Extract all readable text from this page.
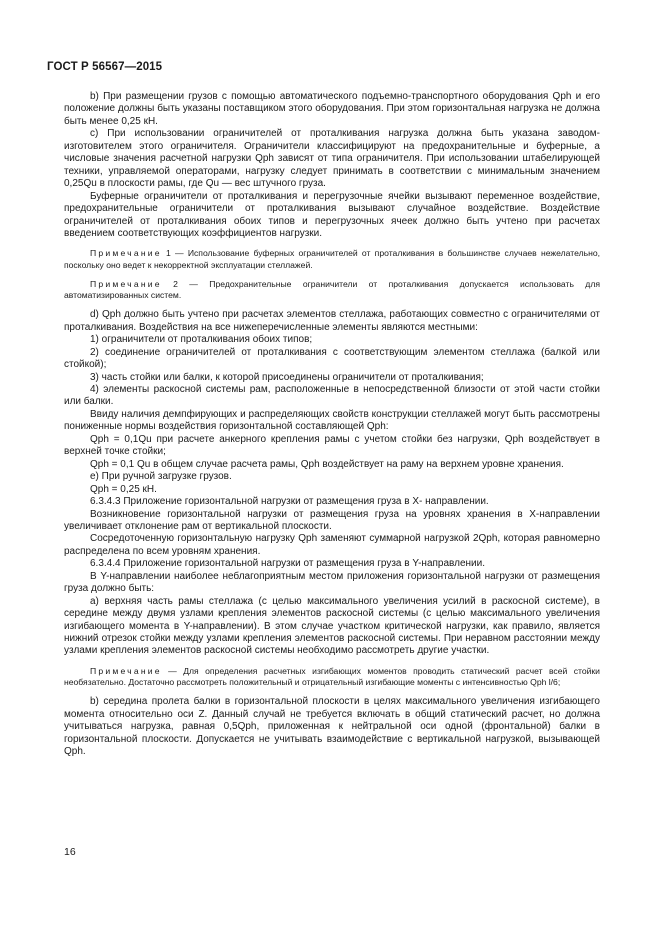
ГОСТ Р 56567—2015

b) При размещении грузов с помощью автоматического подъемно-транспортного оборудования Qph и его положение должны быть указаны поставщиком этого оборудования. При этом горизонтальная нагрузка не должна быть менее 0,25 кН.

c) При использовании ограничителей от проталкивания нагрузка должна быть указана заводом-изготовителем этого ограничителя. Ограничители классифицируют на предохранительные и буферные, а числовые значения расчетной нагрузки Qph зависят от типа ограничителя. При использовании штабелирующей техники, управляемой операторами, нагрузку следует принимать в соответствии с минимальным значением 0,25Qu в плоскости рамы, где Qu — вес штучного груза.

Буферные ограничители от проталкивания и перегрузочные ячейки вызывают переменное воздействие, предохранительные ограничители от проталкивания вызывают случайное воздействие. Воздействие ограничителей от проталкивания обоих типов и перегрузочных ячеек должно быть учтено при расчетах введением соответствующих коэффициентов нагрузки.

Примечание 1 — Использование буферных ограничителей от проталкивания в большинстве случаев нежелательно, поскольку оно ведет к некорректной эксплуатации стеллажей.

Примечание 2 — Предохранительные ограничители от проталкивания допускается использовать для автоматизированных систем.

d) Qph должно быть учтено при расчетах элементов стеллажа, работающих совместно с ограничителями от проталкивания. Воздействия на все нижеперечисленные элементы являются местными:

1) ограничители от проталкивания обоих типов;

2) соединение ограничителей от проталкивания с соответствующим элементом стеллажа (балкой или стойкой);

3) часть стойки или балки, к которой присоединены ограничители от проталкивания;

4) элементы раскосной системы рам, расположенные в непосредственной близости от этой части стойки или балки.

Ввиду наличия демпфирующих и распределяющих свойств конструкции стеллажей могут быть рассмотрены пониженные нормы воздействия горизонтальной составляющей Qph:

Qph = 0,1Qu при расчете анкерного крепления рамы с учетом стойки без нагрузки, Qph воздействует в верхней точке стойки;

Qph = 0,1 Qu в общем случае расчета рамы, Qph воздействует на раму на верхнем уровне хранения.

e) При ручной загрузке грузов.

Qph = 0,25 кН.

6.3.4.3 Приложение горизонтальной нагрузки от размещения груза в X- направлении.

Возникновение горизонтальной нагрузки от размещения груза на уровнях хранения в X-направлении увеличивает отклонение рам от вертикальной плоскости.

Сосредоточенную горизонтальную нагрузку Qph заменяют суммарной нагрузкой 2Qph, которая равномерно распределена по всем уровням хранения.

6.3.4.4 Приложение горизонтальной нагрузки от размещения груза в Y-направлении.

В Y-направлении наиболее неблагоприятным местом приложения горизонтальной нагрузки от размещения груза должно быть:

a) верхняя часть рамы стеллажа (с целью максимального увеличения усилий в раскосной системе), в середине между двумя узлами крепления элементов раскосной системы (с целью максимального увеличения изгибающего момента в Y-направлении). В этом случае участком критической нагрузки, как правило, является нижний отрезок стойки между узлами крепления элементов раскосной системы. При неравном расстоянии между узлами крепления элементов раскосной системы необходимо рассмотреть другие участки.

Примечание — Для определения расчетных изгибающих моментов проводить статический расчет всей стойки необязательно. Достаточно рассмотреть положительный и отрицательный изгибающие моменты с интенсивностью Qph l/6;

b) середина пролета балки в горизонтальной плоскости в целях максимального увеличения изгибающего момента относительно оси Z. Данный случай не требуется включать в общий статический расчет, но должна учитываться нагрузка, равная 0,5Qph, приложенная к нейтральной оси одной (фронтальной) балки в горизонтальной плоскости. Допускается не учитывать взаимодействие с вертикальной нагрузкой, вызывающей Qph.

16
